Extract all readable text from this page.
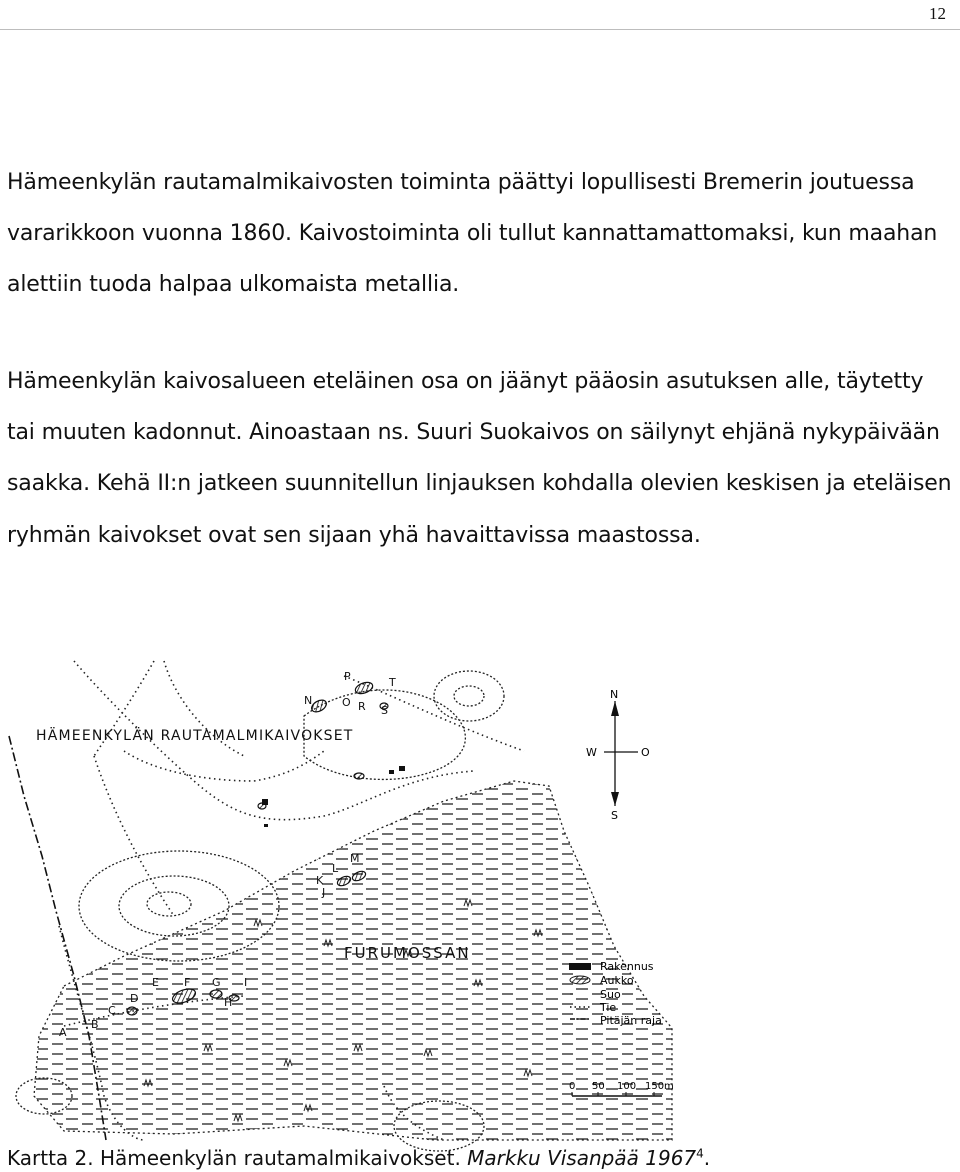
12

Hämeenkylän rautamalmikaivosten toiminta päättyi lopullisesti Bremerin joutuessa vararikkoon vuonna 1860. Kaivostoiminta oli tullut kannattamattomaksi, kun maahan alettiin tuoda halpaa ulkomaista metallia.

Hämeenkylän kaivosalueen eteläinen osa on jäänyt pääosin asutuksen alle, täytetty tai muuten kadonnut. Ainoastaan ns. Suuri Suokaivos on säilynyt ehjänä nykypäivään saakka. Kehä II:n jatkeen suunnitellun linjauksen kohdalla olevien keskisen ja eteläisen ryhmän kaivokset ovat sen sijaan yhä havaittavissa maastossa.

HÄMEENKYLÄN RAUTAMALMIKAIVOKSET
FURUMOSSAN
A
B
C
D
E F G
H
I
J
K
L
M
N	O
P
R S
T
N
S
W	O
Rakennus
Aukko
Suo
Tie
Pitäjän raja
0 50 100 150 m
Kartta 2. Hämeenkylän rautamalmikaivokset. Markku Visanpää 1967$^4$.
